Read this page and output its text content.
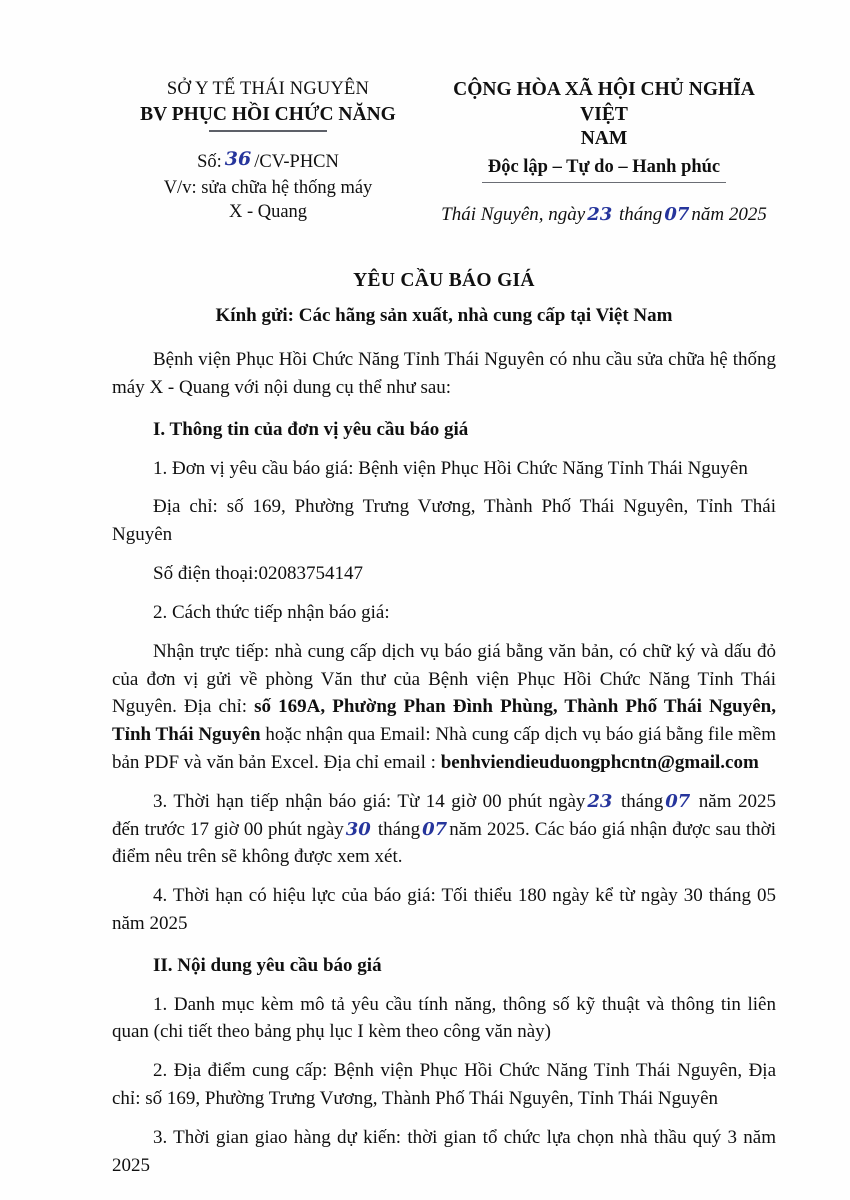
SỞ Y TẾ THÁI NGUYÊN
BV PHỤC HỒI CHỨC NĂNG
Số: 36 /CV-PHCN
V/v: sửa chữa hệ thống máy
X - Quang
CỘNG HÒA XÃ HỘI CHỦ NGHĨA VIỆT
NAM
Độc lập – Tự do – Hanh phúc
Thái Nguyên, ngày 23 tháng 07 năm 2025
YÊU CẦU BÁO GIÁ
Kính gửi: Các hãng sản xuất, nhà cung cấp tại Việt Nam

Bệnh viện Phục Hồi Chức Năng Tỉnh Thái Nguyên có nhu cầu sửa chữa hệ thống máy X - Quang với nội dung cụ thể như sau:

I. Thông tin của đơn vị yêu cầu báo giá

1. Đơn vị yêu cầu báo giá: Bệnh viện Phục Hồi Chức Năng Tỉnh Thái Nguyên

Địa chỉ: số 169, Phường Trưng Vương, Thành Phố Thái Nguyên, Tỉnh Thái Nguyên

Số điện thoại:02083754147

2. Cách thức tiếp nhận báo giá:

Nhận trực tiếp: nhà cung cấp dịch vụ báo giá bằng văn bản, có chữ ký và dấu đỏ của đơn vị gửi về phòng Văn thư của Bệnh viện Phục Hồi Chức Năng Tỉnh Thái Nguyên. Địa chỉ: số 169A, Phường Phan Đình Phùng, Thành Phố Thái Nguyên, Tỉnh Thái Nguyên hoặc nhận qua Email: Nhà cung cấp dịch vụ báo giá bằng file mềm bản PDF và văn bản Excel. Địa chỉ email : benhviendieuduongphcntn@gmail.com

3. Thời hạn tiếp nhận báo giá: Từ 14 giờ 00 phút ngày 23 tháng 07 năm 2025 đến trước 17 giờ 00 phút ngày 30 tháng 07 năm 2025. Các báo giá nhận được sau thời điểm nêu trên sẽ không được xem xét.

4. Thời hạn có hiệu lực của báo giá: Tối thiểu 180 ngày kể từ ngày 30 tháng 05 năm 2025

II. Nội dung yêu cầu báo giá

1. Danh mục kèm mô tả yêu cầu tính năng, thông số kỹ thuật và thông tin liên quan (chi tiết theo bảng phụ lục I kèm theo công văn này)

2. Địa điểm cung cấp: Bệnh viện Phục Hồi Chức Năng Tỉnh Thái Nguyên, Địa chỉ: số 169, Phường Trưng Vương, Thành Phố Thái Nguyên, Tỉnh Thái Nguyên

3. Thời gian giao hàng dự kiến: thời gian tổ chức lựa chọn nhà thầu quý 3 năm 2025
